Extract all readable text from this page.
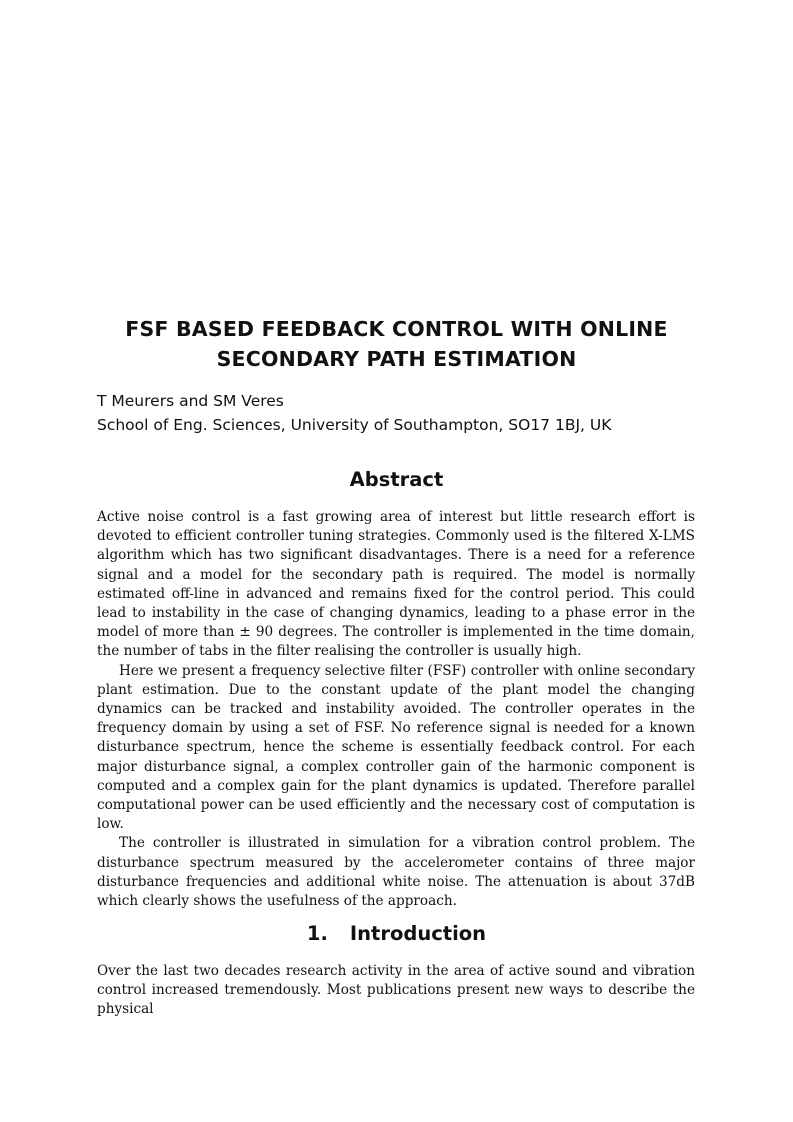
FSF BASED FEEDBACK CONTROL WITH ONLINE
SECONDARY PATH ESTIMATION
T Meurers and SM Veres
School of Eng. Sciences, University of Southampton, SO17 1BJ, UK
Abstract

Active noise control is a fast growing area of interest but little research effort is devoted to efficient controller tuning strategies. Commonly used is the filtered X-LMS algorithm which has two significant disadvantages. There is a need for a reference signal and a model for the secondary path is required. The model is normally estimated off-line in advanced and remains fixed for the control period. This could lead to instability in the case of changing dynamics, leading to a phase error in the model of more than ± 90 degrees. The controller is implemented in the time domain, the number of tabs in the filter realising the controller is usually high.

Here we present a frequency selective filter (FSF) controller with online secondary plant estimation. Due to the constant update of the plant model the changing dynamics can be tracked and instability avoided. The controller operates in the frequency domain by using a set of FSF. No reference signal is needed for a known disturbance spectrum, hence the scheme is essentially feedback control. For each major disturbance signal, a complex controller gain of the harmonic component is computed and a complex gain for the plant dynamics is updated. Therefore parallel computational power can be used efficiently and the necessary cost of computation is low.

The controller is illustrated in simulation for a vibration control problem. The disturbance spectrum measured by the accelerometer contains of three major disturbance frequencies and additional white noise. The attenuation is about 37dB which clearly shows the usefulness of the approach.

1. Introduction

Over the last two decades research activity in the area of active sound and vibration control increased tremendously. Most publications present new ways to describe the physical
